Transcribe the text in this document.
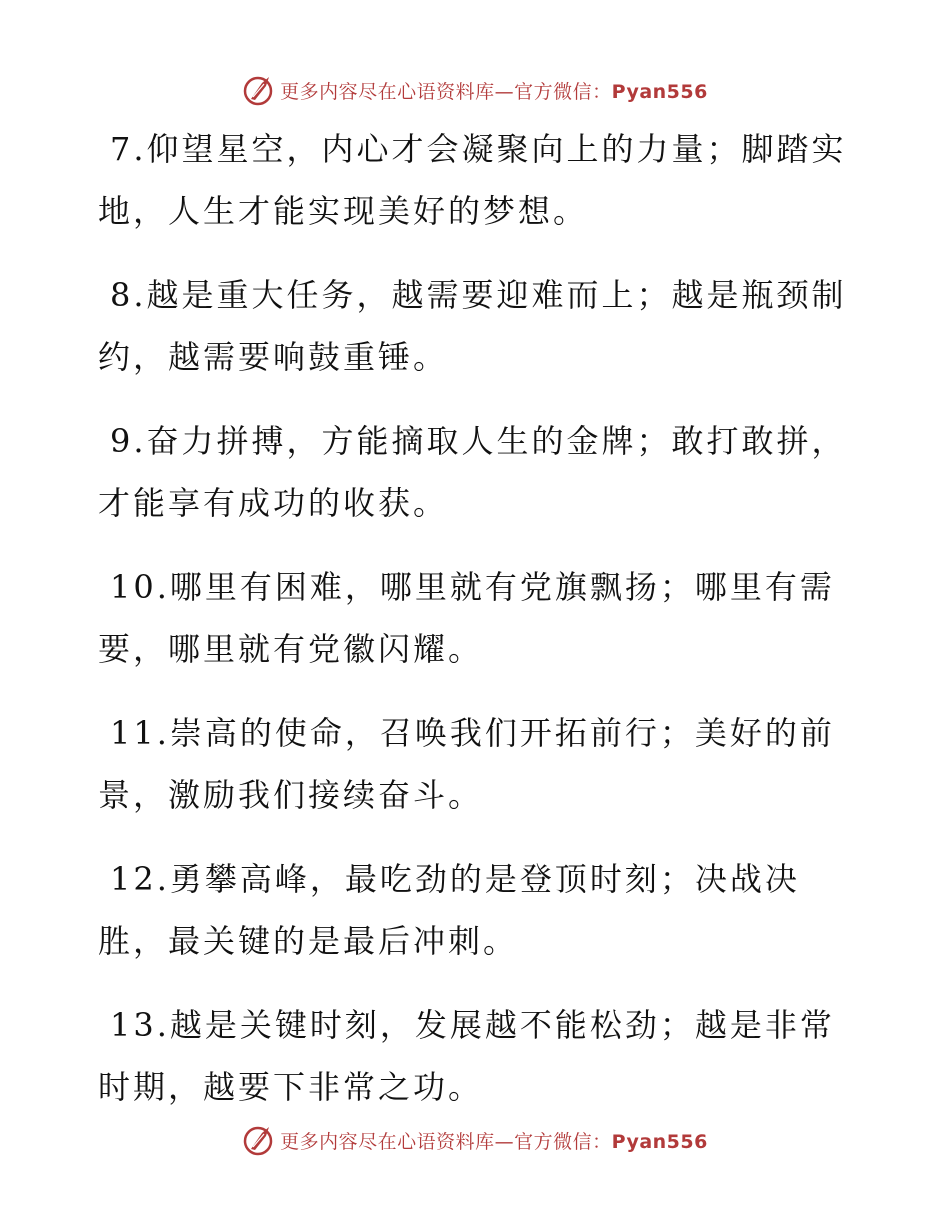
更多内容尽在心语资料库—官方微信：Pyan556

7.仰望星空，内心才会凝聚向上的力量；脚踏实地，人生才能实现美好的梦想。

8.越是重大任务，越需要迎难而上；越是瓶颈制约，越需要响鼓重锤。

9.奋力拼搏，方能摘取人生的金牌；敢打敢拼，才能享有成功的收获。

10.哪里有困难，哪里就有党旗飘扬；哪里有需要，哪里就有党徽闪耀。

11.崇高的使命，召唤我们开拓前行；美好的前景，激励我们接续奋斗。

12.勇攀高峰，最吃劲的是登顶时刻；决战决胜，最关键的是最后冲刺。

13.越是关键时刻，发展越不能松劲；越是非常时期，越要下非常之功。

更多内容尽在心语资料库—官方微信：Pyan556
